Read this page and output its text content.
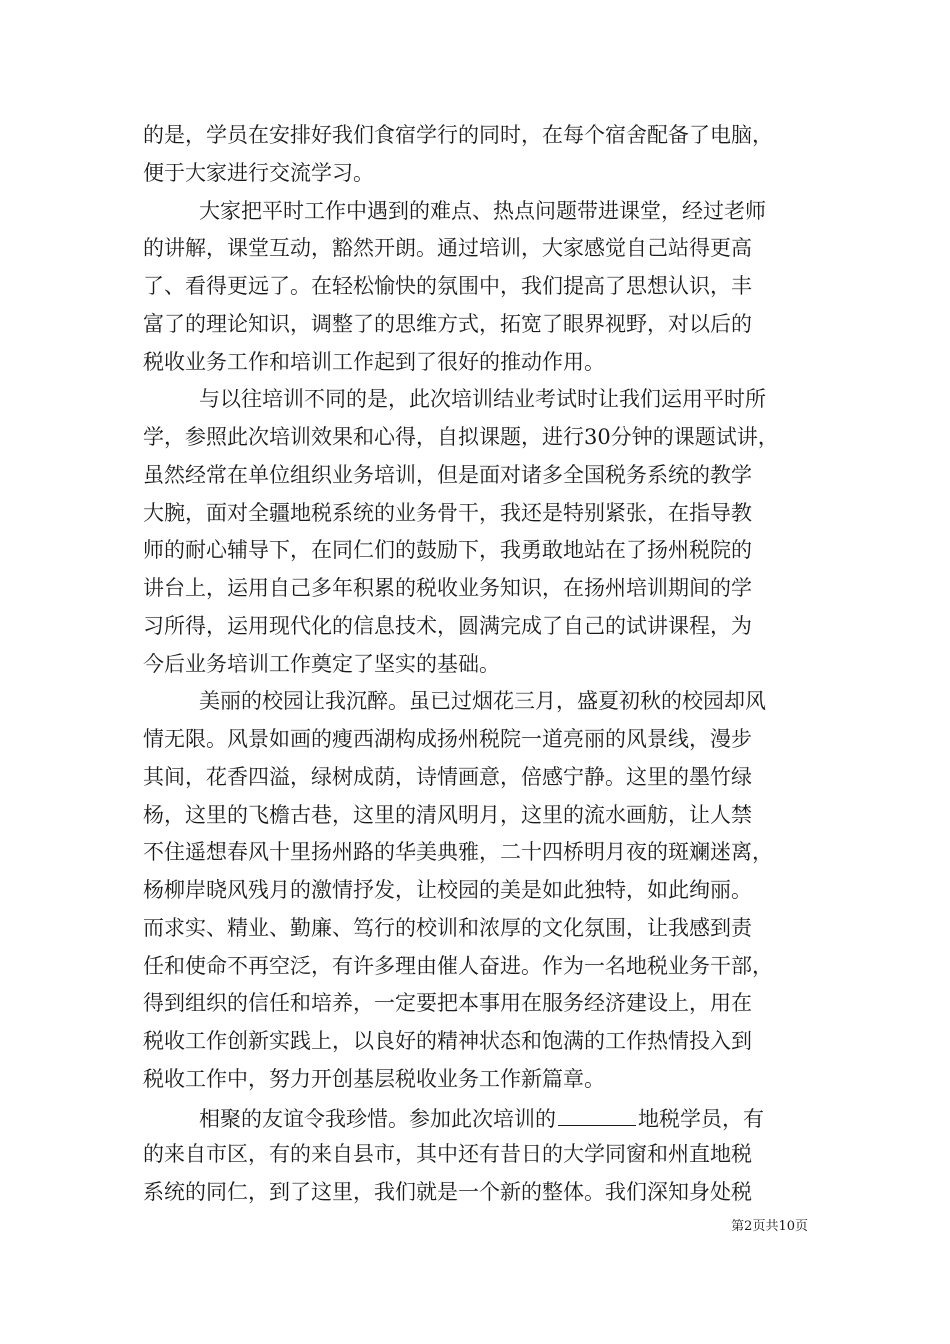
的是，学员在安排好我们食宿学行的同时，在每个宿舍配备了电脑，
便于大家进行交流学习。
大家把平时工作中遇到的难点、热点问题带进课堂，经过老师
的讲解，课堂互动，豁然开朗。通过培训，大家感觉自己站得更高
了、看得更远了。在轻松愉快的氛围中，我们提高了思想认识，丰
富了的理论知识，调整了的思维方式，拓宽了眼界视野，对以后的
税收业务工作和培训工作起到了很好的推动作用。
与以往培训不同的是，此次培训结业考试时让我们运用平时所
学，参照此次培训效果和心得，自拟课题，进行30分钟的课题试讲，
虽然经常在单位组织业务培训，但是面对诸多全国税务系统的教学
大腕，面对全疆地税系统的业务骨干，我还是特别紧张，在指导教
师的耐心辅导下，在同仁们的鼓励下，我勇敢地站在了扬州税院的
讲台上，运用自己多年积累的税收业务知识，在扬州培训期间的学
习所得，运用现代化的信息技术，圆满完成了自己的试讲课程，为
今后业务培训工作奠定了坚实的基础。
美丽的校园让我沉醉。虽已过烟花三月，盛夏初秋的校园却风
情无限。风景如画的瘦西湖构成扬州税院一道亮丽的风景线，漫步
其间，花香四溢，绿树成荫，诗情画意，倍感宁静。这里的墨竹绿
杨，这里的飞檐古巷，这里的清风明月，这里的流水画舫，让人禁
不住遥想春风十里扬州路的华美典雅，二十四桥明月夜的斑斓迷离，
杨柳岸晓风残月的激情抒发，让校园的美是如此独特，如此绚丽。
而求实、精业、勤廉、笃行的校训和浓厚的文化氛围，让我感到责
任和使命不再空泛，有许多理由催人奋进。作为一名地税业务干部，
得到组织的信任和培养，一定要把本事用在服务经济建设上，用在
税收工作创新实践上，以良好的精神状态和饱满的工作热情投入到
税收工作中，努力开创基层税收业务工作新篇章。
相聚的友谊令我珍惜。参加此次培训的	地税学员，有
的来自市区，有的来自县市，其中还有昔日的大学同窗和州直地税
系统的同仁，到了这里，我们就是一个新的整体。我们深知身处税
第2页共10页
